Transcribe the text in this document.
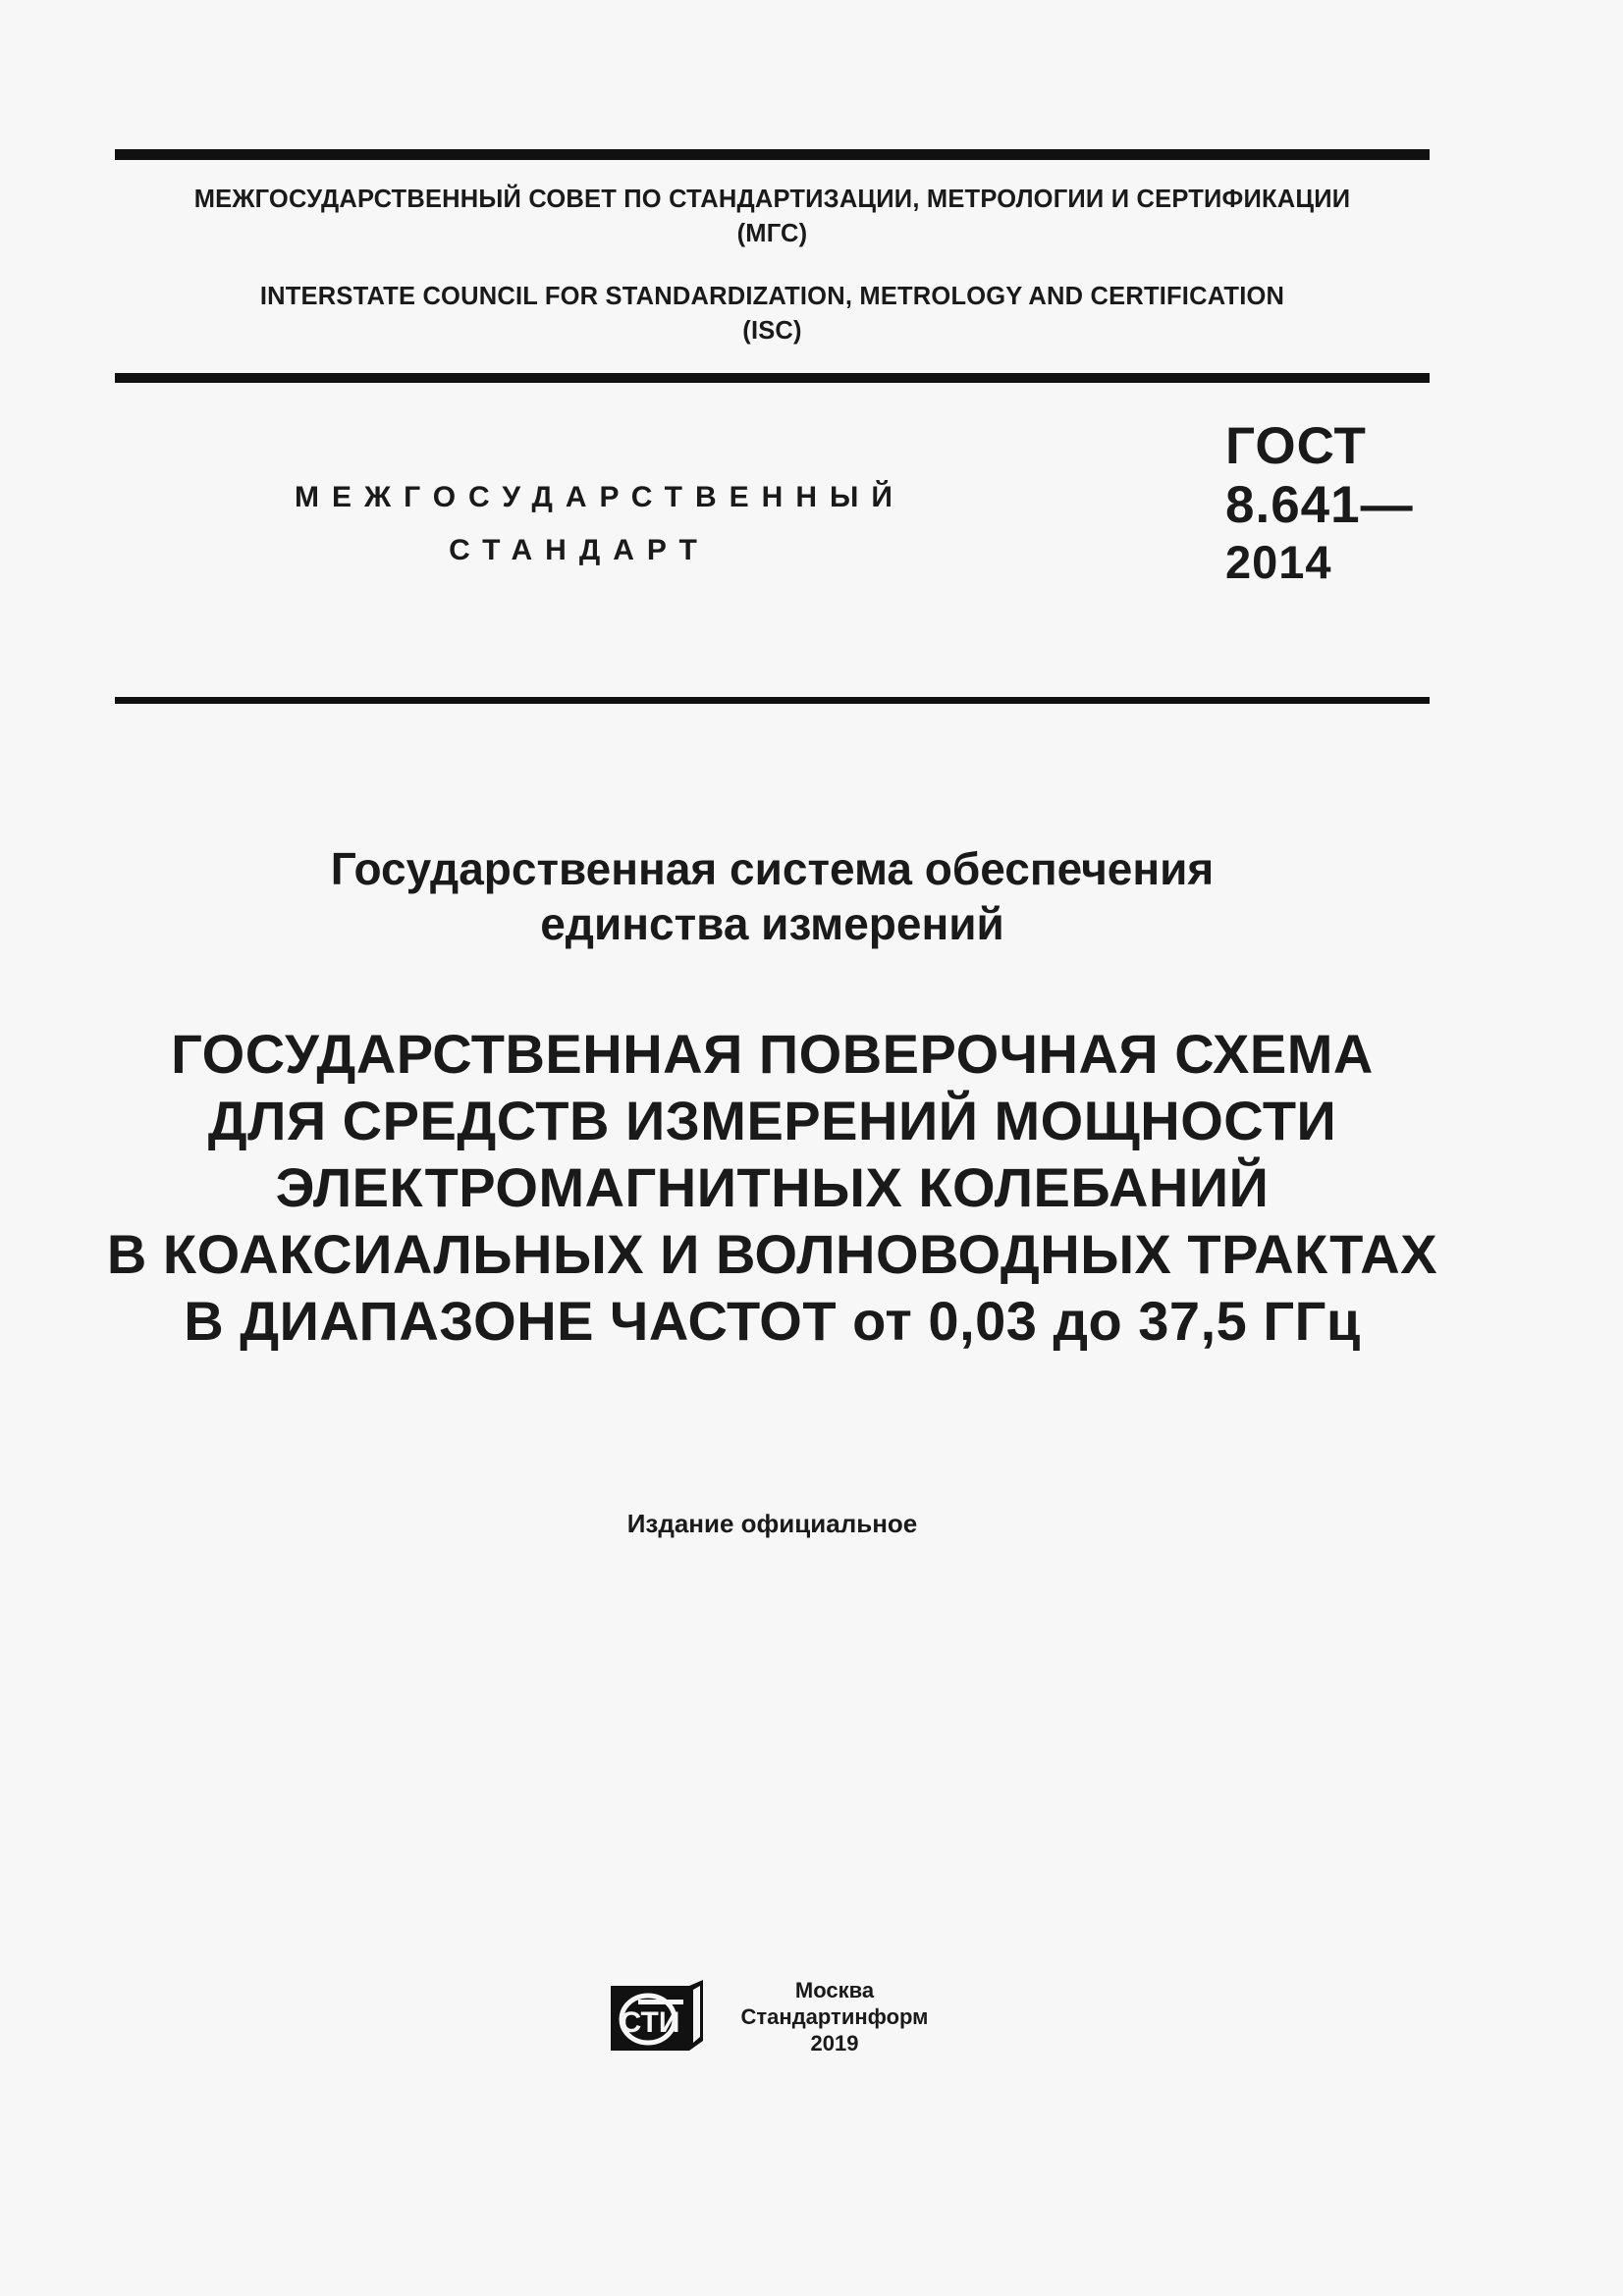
МЕЖГОСУДАРСТВЕННЫЙ СОВЕТ ПО СТАНДАРТИЗАЦИИ, МЕТРОЛОГИИ И СЕРТИФИКАЦИИ
(МГС)
INTERSTATE COUNCIL FOR STANDARDIZATION, METROLOGY AND CERTIFICATION
(ISC)
МЕЖГОСУДАРСТВЕННЫЙ
СТАНДАРТ
ГОСТ
8.641—
2014
Государственная система обеспечения
единства измерений
ГОСУДАРСТВЕННАЯ ПОВЕРОЧНАЯ СХЕМА
ДЛЯ СРЕДСТВ ИЗМЕРЕНИЙ МОЩНОСТИ
ЭЛЕКТРОМАГНИТНЫХ КОЛЕБАНИЙ
В КОАКСИАЛЬНЫХ И ВОЛНОВОДНЫХ ТРАКТАХ
В ДИАПАЗОНЕ ЧАСТОТ от 0,03 до 37,5 ГГц
Издание официальное
СТИ
Москва
Стандартинформ
2019
